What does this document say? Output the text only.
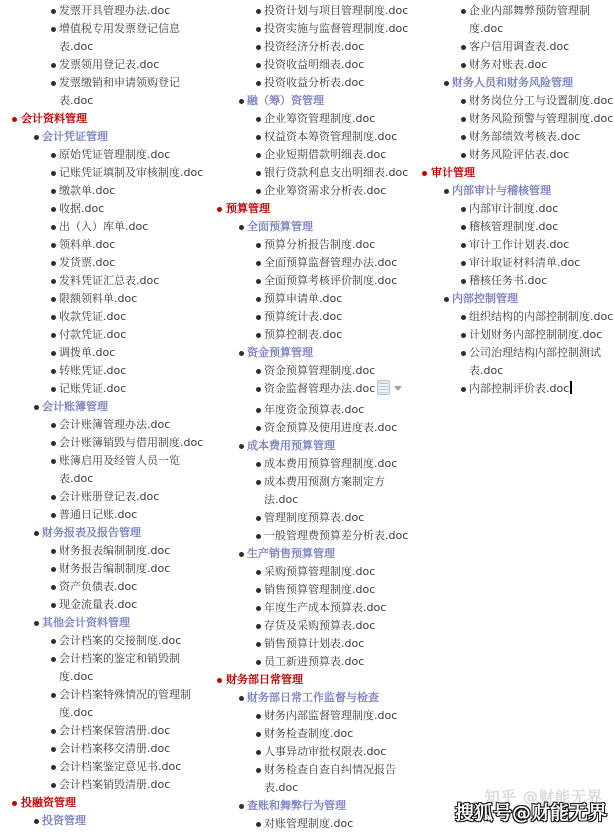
发票开具管理办法.doc
增值税专用发票登记信息表.doc
发票领用登记表.doc
发票缴销和申请领购登记表.doc
会计资料管理
会计凭证管理
原始凭证管理制度.doc
记账凭证填制及审核制度.doc
缴款单.doc
收据.doc
出（入）库单.doc
领料单.doc
发货票.doc
发料凭证汇总表.doc
限额领料单.doc
收款凭证.doc
付款凭证.doc
调拨单.doc
转账凭证.doc
记账凭证.doc
会计账簿管理
会计账簿管理办法.doc
会计账簿销毁与借用制度.doc
账簿启用及经管人员一览表.doc
会计账册登记表.doc
普通日记账.doc
财务报表及报告管理
财务报表编制制度.doc
财务报告编制制度.doc
资产负债表.doc
现金流量表.doc
其他会计资料管理
会计档案的交接制度.doc
会计档案的鉴定和销毁制度.doc
会计档案特殊情况的管理制度.doc
会计档案保管清册.doc
会计档案移交清册.doc
会计档案鉴定意见书.doc
会计档案销毁清册.doc
投融资管理
投资管理
投资计划与项目管理制度.doc
投资实施与监督管理制度.doc
投资经济分析表.doc
投资收益明细表.doc
投资收益分析表.doc
融（筹）资管理
企业筹资管理制度.doc
权益资本筹资管理制度.doc
企业短期借款明细表.doc
银行贷款利息支出明细表.doc
企业筹资需求分析表.doc
预算管理
全面预算管理
预算分析报告制度.doc
全面预算监督管理办法.doc
全面预算考核评价制度.doc
预算申请单.doc
预算统计表.doc
预算控制表.doc
资金预算管理
资金预算管理制度.doc
资金监督管理办法.doc
年度资金预算表.doc
资金预算及使用进度表.doc
成本费用预算管理
成本费用预算管理制度.doc
成本费用预测方案制定方法.doc
管理制度预算表.doc
一般管理费预算差分析表.doc
生产销售预算管理
采购预算管理制度.doc
销售预算管理制度.doc
年度生产成本预算表.doc
存货及采购预算表.doc
销售预算计划表.doc
员工新进预算表.doc
财务部日常管理
财务部日常工作监督与检查
财务内部监督管理制度.doc
财务检查制度.doc
人事异动审批权限表.doc
财务检查自查自纠情况报告表.doc
查账和舞弊行为管理
对账管理制度.doc
企业内部舞弊预防管理制度.doc
客户信用调查表.doc
财务对账表.doc
财务人员和财务风险管理
财务岗位分工与设置制度.doc
财务风险预警与管理制度.doc
财务部绩效考核表.doc
财务风险评估表.doc
审计管理
内部审计与稽核管理
内部审计制度.doc
稽核管理制度.doc
审计工作计划表.doc
审计取证材料清单.doc
稽核任务书.doc
内部控制管理
组织结构的内部控制制度.doc
计划财务内部控制制度.doc
公司治理结构内部控制测试表.doc
内部控制评价表.doc
知乎 @财能无界
搜狐号@财能无界
